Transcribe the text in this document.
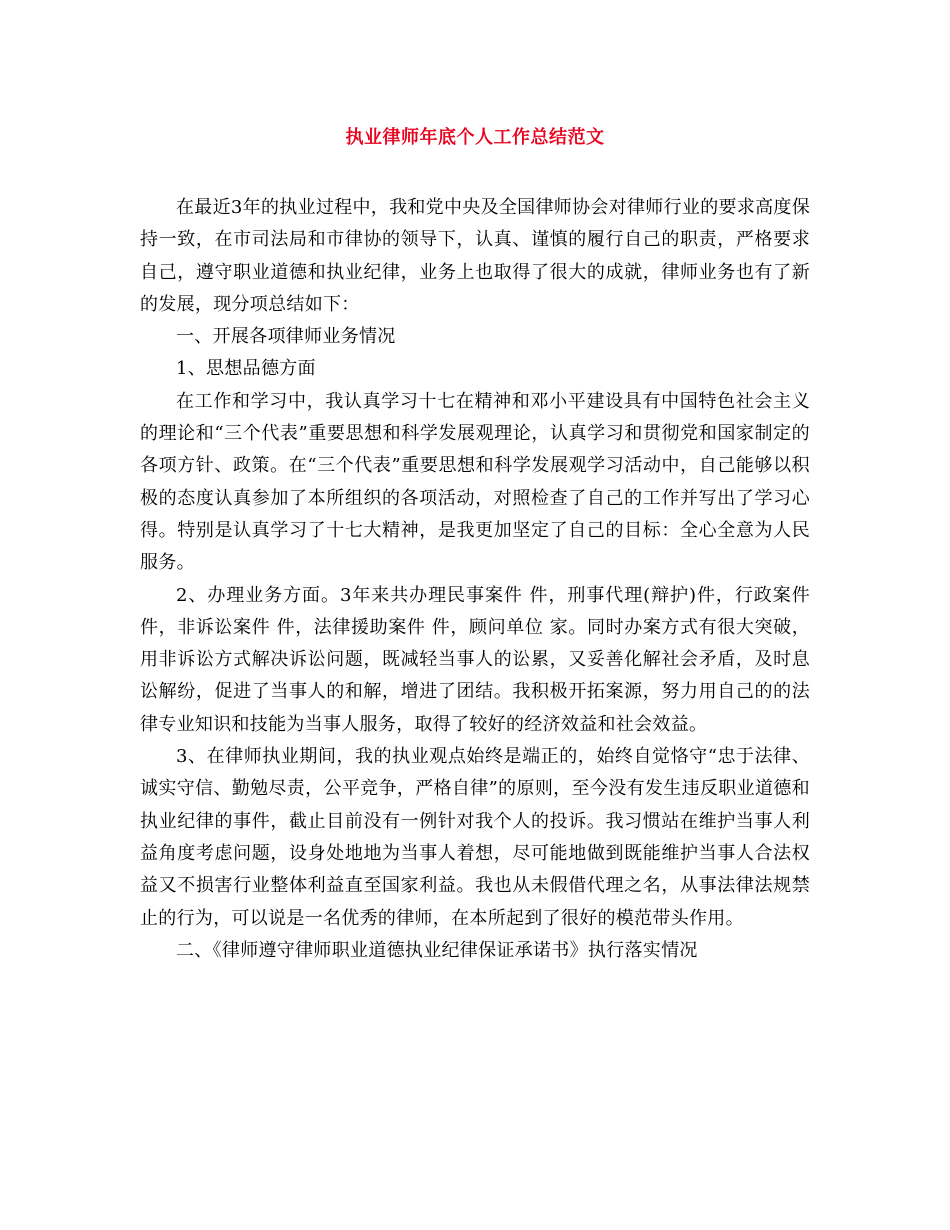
执业律师年底个人工作总结范文

在最近3年的执业过程中，我和党中央及全国律师协会对律师行业的要求高度保持一致，在市司法局和市律协的领导下，认真、谨慎的履行自己的职责，严格要求自己，遵守职业道德和执业纪律，业务上也取得了很大的成就，律师业务也有了新的发展，现分项总结如下：

一、开展各项律师业务情况

1、思想品德方面

在工作和学习中，我认真学习十七在精神和邓小平建设具有中国特色社会主义的理论和“三个代表”重要思想和科学发展观理论，认真学习和贯彻党和国家制定的各项方针、政策。在“三个代表”重要思想和科学发展观学习活动中，自己能够以积极的态度认真参加了本所组织的各项活动，对照检查了自己的工作并写出了学习心得。特别是认真学习了十七大精神，是我更加坚定了自己的目标：全心全意为人民服务。

2、办理业务方面。3年来共办理民事案件 件，刑事代理(辩护)件，行政案件 件，非诉讼案件 件，法律援助案件 件，顾问单位 家。同时办案方式有很大突破，用非诉讼方式解决诉讼问题，既减轻当事人的讼累，又妥善化解社会矛盾，及时息讼解纷，促进了当事人的和解，增进了团结。我积极开拓案源，努力用自己的的法律专业知识和技能为当事人服务，取得了较好的经济效益和社会效益。

3、在律师执业期间，我的执业观点始终是端正的，始终自觉恪守“忠于法律、诚实守信、勤勉尽责，公平竞争，严格自律”的原则，至今没有发生违反职业道德和执业纪律的事件，截止目前没有一例针对我个人的投诉。我习惯站在维护当事人利益角度考虑问题，设身处地地为当事人着想，尽可能地做到既能维护当事人合法权益又不损害行业整体利益直至国家利益。我也从未假借代理之名，从事法律法规禁止的行为，可以说是一名优秀的律师，在本所起到了很好的模范带头作用。

二、《律师遵守律师职业道德执业纪律保证承诺书》执行落实情况
